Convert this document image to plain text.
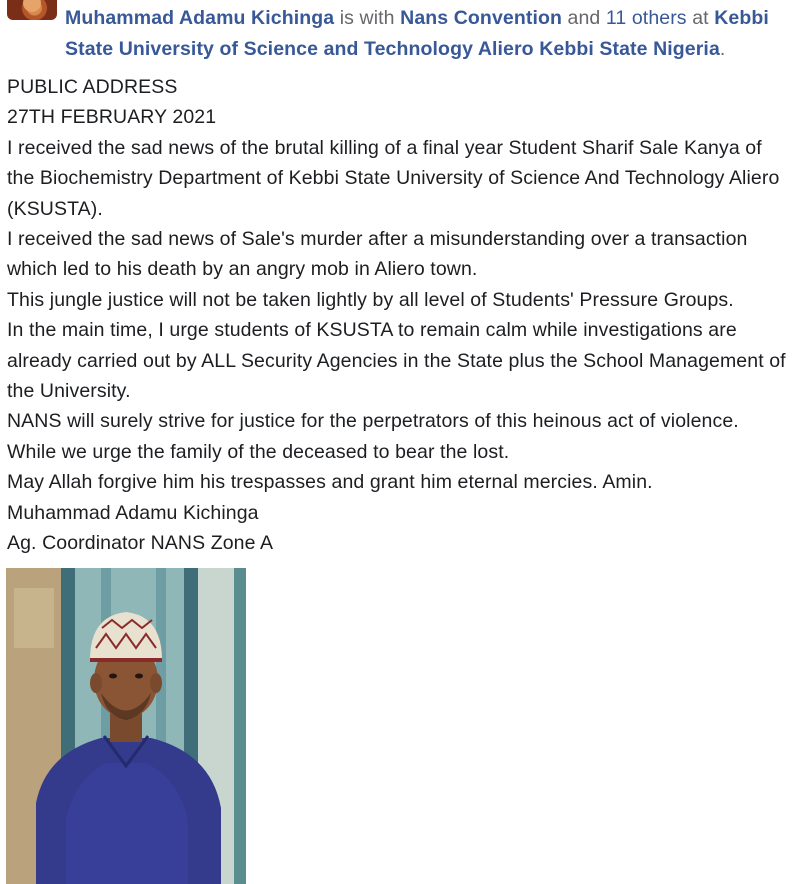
Muhammad Adamu Kichinga is with Nans Convention and 11 others at Kebbi State University of Science and Technology Aliero Kebbi State Nigeria.
PUBLIC ADDRESS
27TH FEBRUARY 2021
I received the sad news of the brutal killing of a final year Student Sharif Sale Kanya of the Biochemistry Department of Kebbi State University of Science And Technology Aliero (KSUSTA).
I received the sad news of Sale's murder after a misunderstanding over a transaction which led to his death by an angry mob in Aliero town.
This jungle justice will not be taken lightly by all level of Students' Pressure Groups.
In the main time, I urge students of KSUSTA to remain calm while investigations are already carried out by ALL Security Agencies in the State plus the School Management of the University.
NANS will surely strive for justice for the perpetrators of this heinous act of violence.
While we urge the family of the deceased to bear the lost.
May Allah forgive him his trespasses and grant him eternal mercies. Amin.
Muhammad Adamu Kichinga
Ag. Coordinator NANS Zone A
